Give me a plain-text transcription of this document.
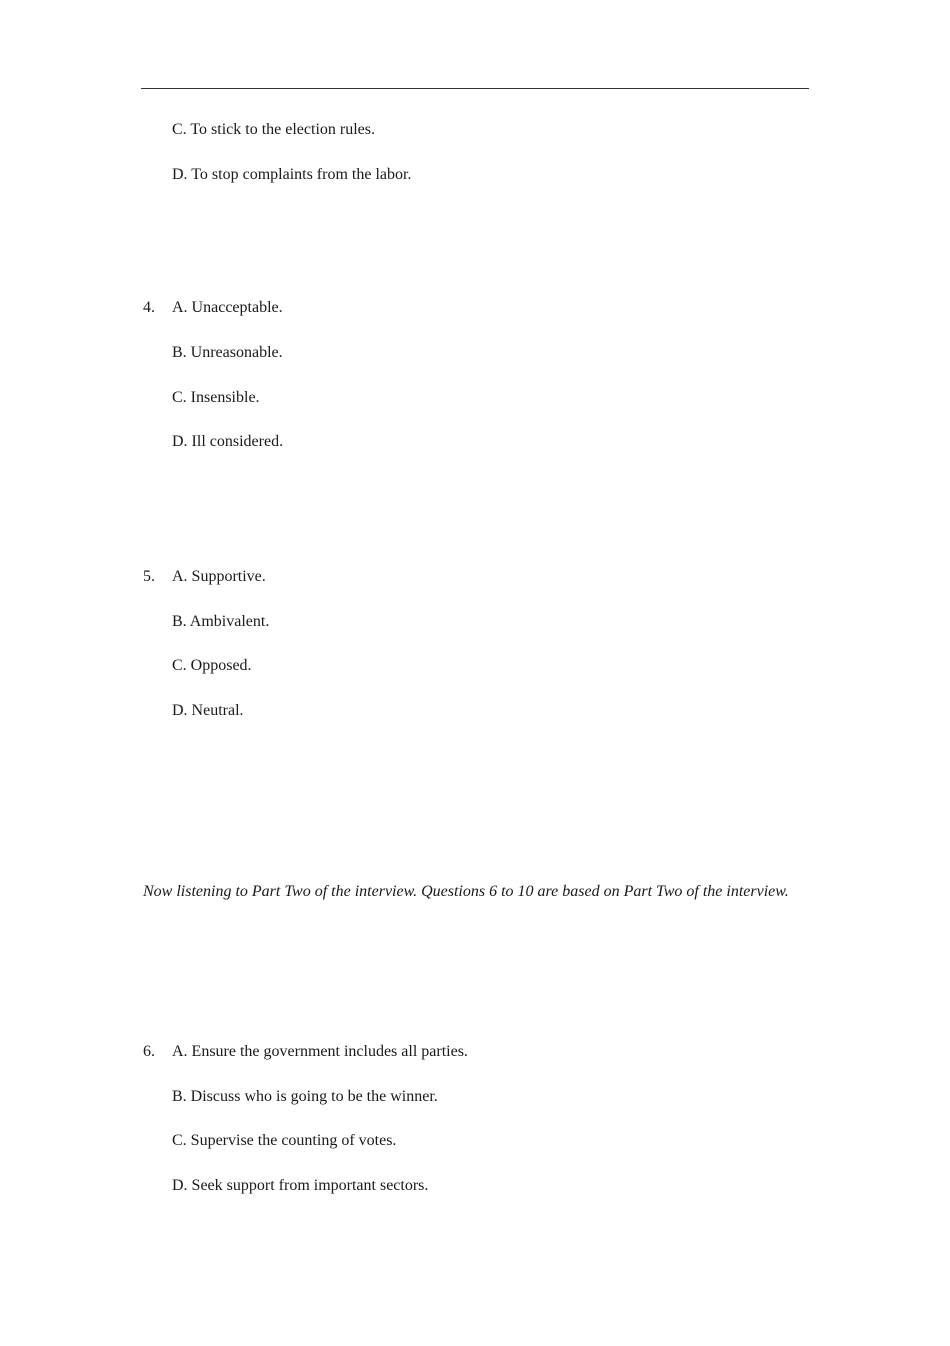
C. To stick to the election rules.
D. To stop complaints from the labor.
4. A. Unacceptable.
B. Unreasonable.
C. Insensible.
D. Ill considered.
5. A. Supportive.
B. Ambivalent.
C. Opposed.
D. Neutral.
Now listening to Part Two of the interview. Questions 6 to 10 are based on Part Two of the interview.
6. A. Ensure the government includes all parties.
B. Discuss who is going to be the winner.
C. Supervise the counting of votes.
D. Seek support from important sectors.
